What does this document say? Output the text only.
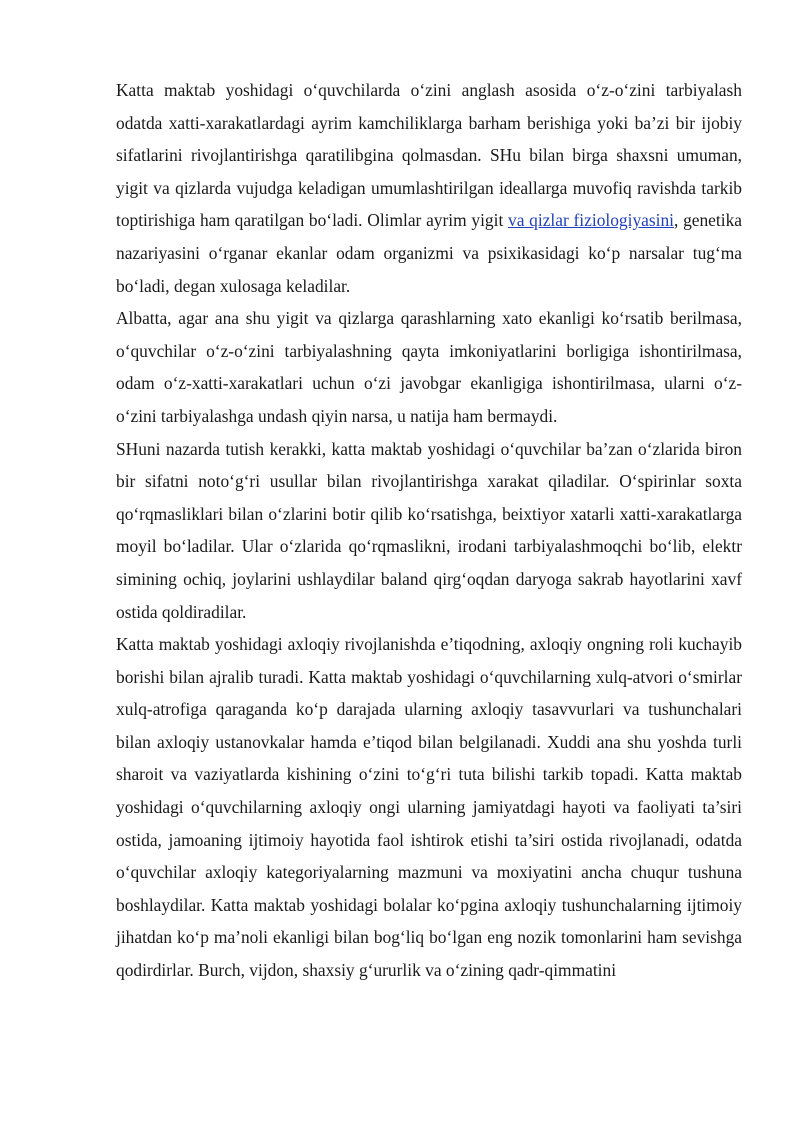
Katta maktab yoshidagi o‘quvchilarda o‘zini anglash asosida o‘z-o‘zini tarbiyalash odatda xatti-xarakatlardagi ayrim kamchiliklarga barham berishiga yoki ba’zi bir ijobiy sifatlarini rivojlantirishga qaratilibgina qolmasdan. SHu bilan birga shaxsni umuman, yigit va qizlarda vujudga keladigan umumlashtirilgan ideallarga muvofiq ravishda tarkib toptirishiga ham qaratilgan bo‘ladi. Olimlar ayrim yigit va qizlar fiziologiyasini, genetika nazariyasini o‘rganar ekanlar odam organizmi va psixikasidagi ko‘p narsalar tug‘ma bo‘ladi, degan xulosaga keladilar.

Albatta, agar ana shu yigit va qizlarga qarashlarning xato ekanligi ko‘rsatib berilmasa, o‘quvchilar o‘z-o‘zini tarbiyalashning qayta imkoniyatlarini borligiga ishontirilmasa, odam o‘z-xatti-xarakatlari uchun o‘zi javobgar ekanligiga ishontirilmasa, ularni o‘z-o‘zini tarbiyalashga undash qiyin narsa, u natija ham bermaydi.

SHuni nazarda tutish kerakki, katta maktab yoshidagi o‘quvchilar ba’zan o‘zlarida biron bir sifatni noto‘g‘ri usullar bilan rivojlantirishga xarakat qiladilar. O‘spirinlar soxta qo‘rqmasliklari bilan o‘zlarini botir qilib ko‘rsatishga, beixtiyor xatarli xatti-xarakatlarga moyil bo‘ladilar. Ular o‘zlarida qo‘rqmaslikni, irodani tarbiyalashmoqchi bo‘lib, elektr simining ochiq, joylarini ushlaydilar baland qirg‘oqdan daryoga sakrab hayotlarini xavf ostida qoldiradilar.

Katta maktab yoshidagi axloqiy rivojlanishda e’tiqodning, axloqiy ongning roli kuchayib borishi bilan ajralib turadi. Katta maktab yoshidagi o‘quvchilarning xulq-atvori o‘smirlar xulq-atrofiga qaraganda ko‘p darajada ularning axloqiy tasavvurlari va tushunchalari bilan axloqiy ustanovkalar hamda e’tiqod bilan belgilanadi. Xuddi ana shu yoshda turli sharoit va vaziyatlarda kishining o‘zini to‘g‘ri tuta bilishi tarkib topadi. Katta maktab yoshidagi o‘quvchilarning axloqiy ongi ularning jamiyatdagi hayoti va faoliyati ta’siri ostida, jamoaning ijtimoiy hayotida faol ishtirok etishi ta’siri ostida rivojlanadi, odatda o‘quvchilar axloqiy kategoriyalarning mazmuni va moxiyatini ancha chuqur tushuna boshlaydilar. Katta maktab yoshidagi bolalar ko‘pgina axloqiy tushunchalarning ijtimoiy jihatdan ko‘p ma’noli ekanligi bilan bog‘liq bo‘lgan eng nozik tomonlarini ham sevishga qodirdirlar. Burch, vijdon, shaxsiy g‘ururlik va o‘zining qadr-qimmatini
